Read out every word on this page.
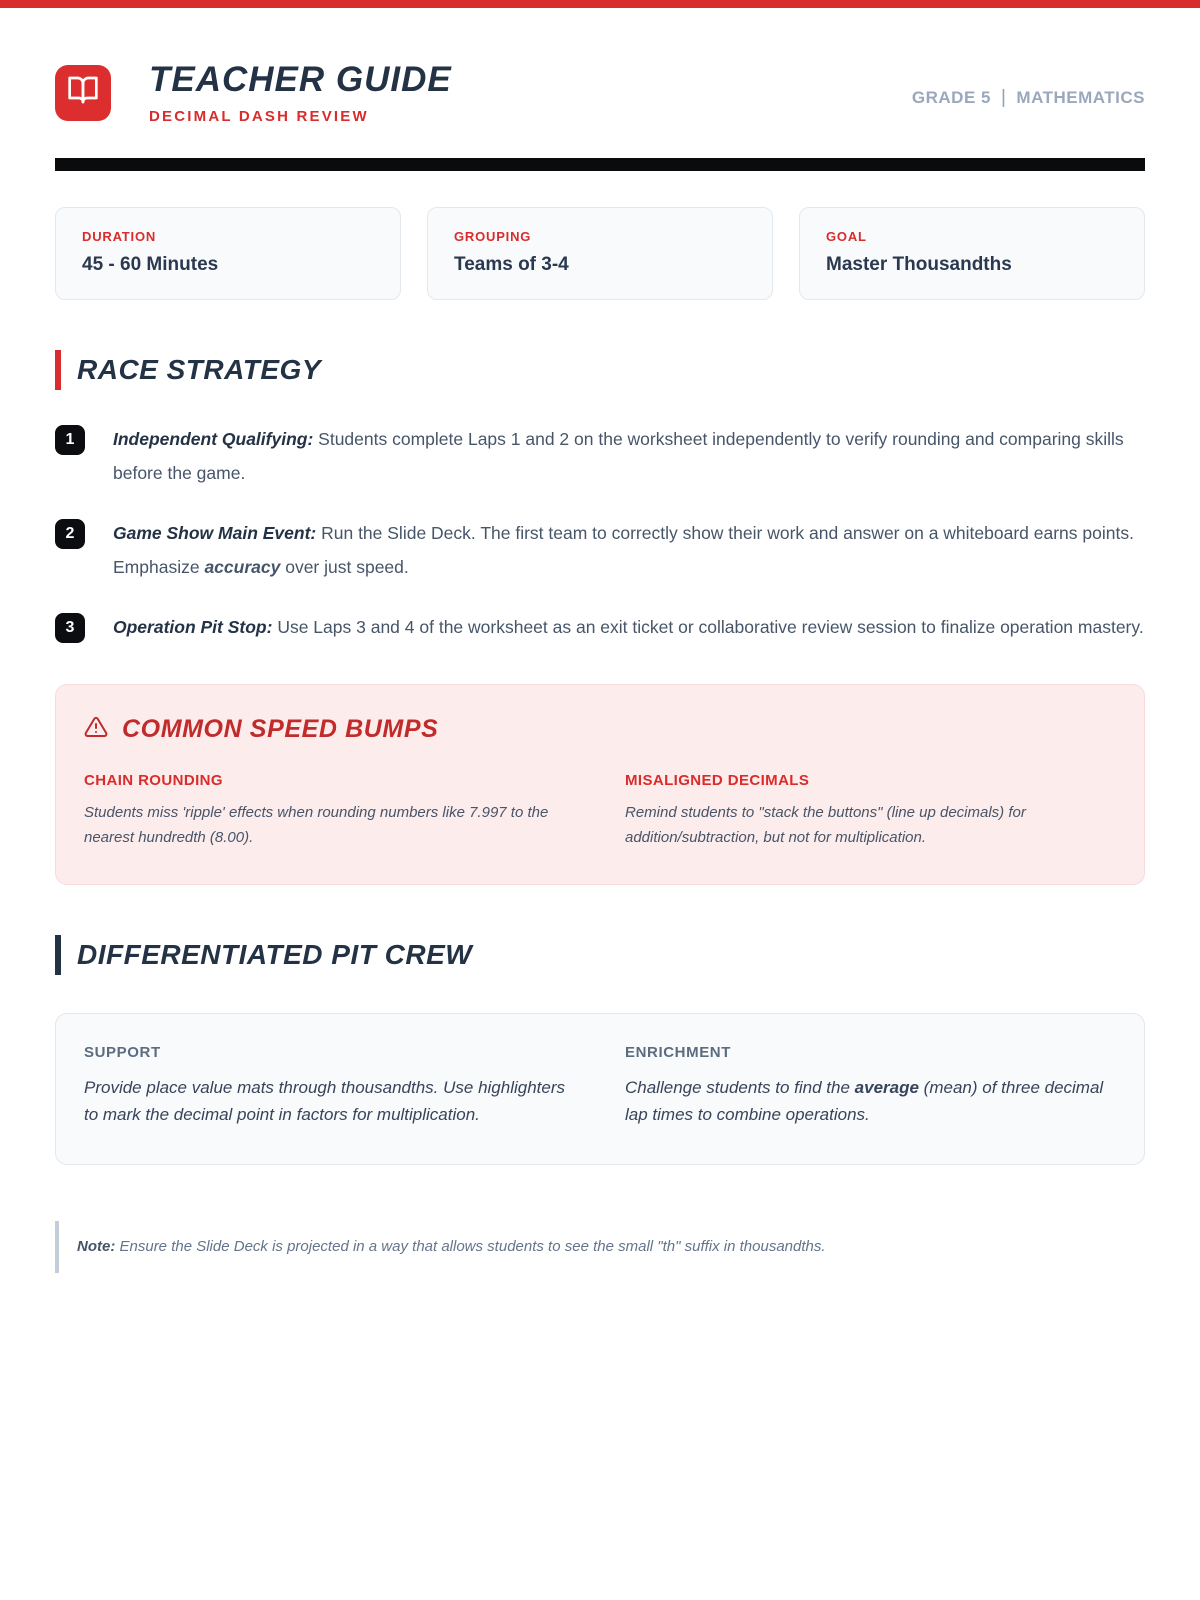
TEACHER GUIDE
DECIMAL DASH REVIEW
GRADE 5 | MATHEMATICS
DURATION
45 - 60 Minutes
GROUPING
Teams of 3-4
GOAL
Master Thousandths
RACE STRATEGY
1	Independent Qualifying: Students complete Laps 1 and 2 on the worksheet independently to verify rounding and comparing skills before the game.
2	Game Show Main Event: Run the Slide Deck. The first team to correctly show their work and answer on a whiteboard earns points. Emphasize accuracy over just speed.
3	Operation Pit Stop: Use Laps 3 and 4 of the worksheet as an exit ticket or collaborative review session to finalize operation mastery.
COMMON SPEED BUMPS
CHAIN ROUNDING
Students miss 'ripple' effects when rounding numbers like 7.997 to the nearest hundredth (8.00).
MISALIGNED DECIMALS
Remind students to "stack the buttons" (line up decimals) for addition/subtraction, but not for multiplication.
DIFFERENTIATED PIT CREW
SUPPORT
Provide place value mats through thousandths. Use highlighters to mark the decimal point in factors for multiplication.
ENRICHMENT
Challenge students to find the average (mean) of three decimal lap times to combine operations.
Note: Ensure the Slide Deck is projected in a way that allows students to see the small "th" suffix in thousandths.
